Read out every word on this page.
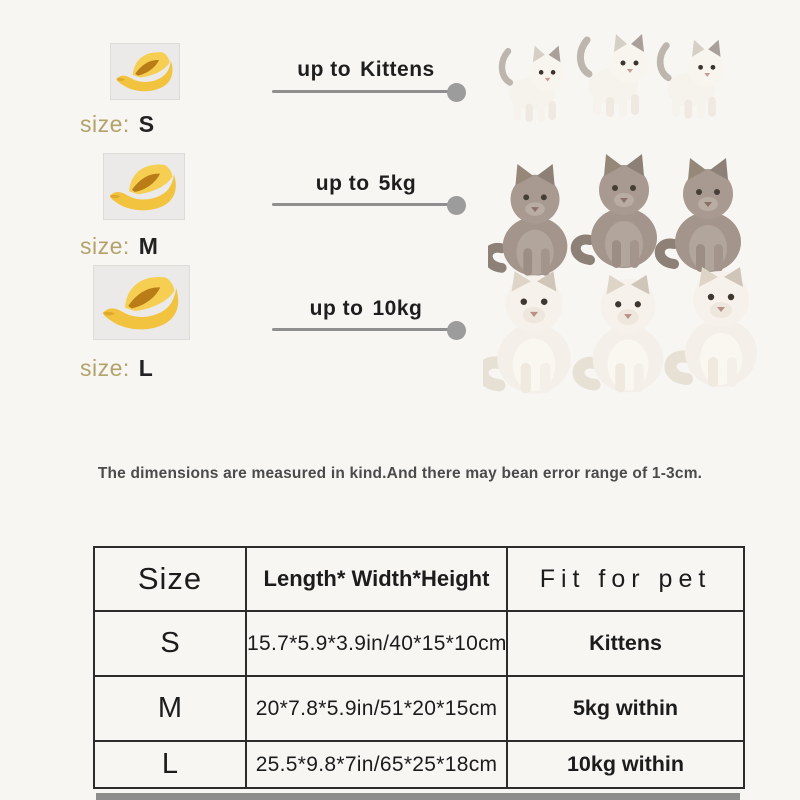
size: S
up to Kittens
size: M
up to 5kg
size: L
up to 10kg

The dimensions are measured in kind.And there may bean error range of 1-3cm.

Size	Length* Width*Height	Fit for pet
S	15.7*5.9*3.9in/40*15*10cm	Kittens
M	20*7.8*5.9in/51*20*15cm	5kg within
L	25.5*9.8*7in/65*25*18cm	10kg within
